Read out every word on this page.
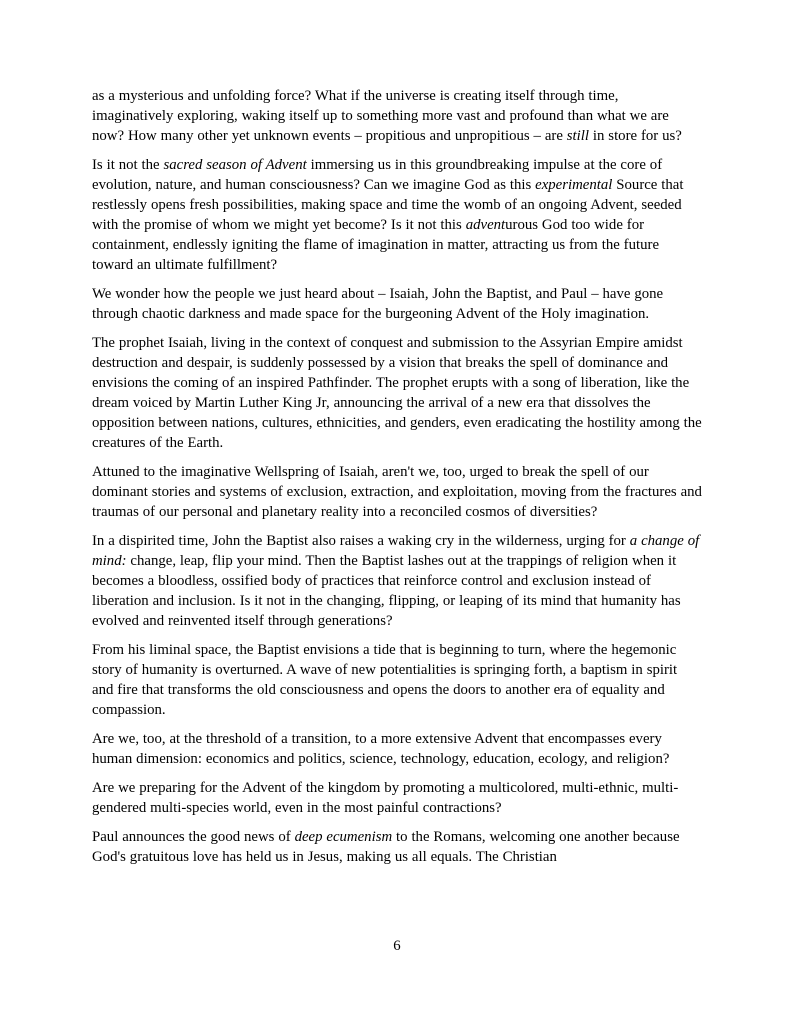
as a mysterious and unfolding force? What if the universe is creating itself through time, imaginatively exploring, waking itself up to something more vast and profound than what we are now? How many other yet unknown events – propitious and unpropitious – are still in store for us?

Is it not the sacred season of Advent immersing us in this groundbreaking impulse at the core of evolution, nature, and human consciousness? Can we imagine God as this experimental Source that restlessly opens fresh possibilities, making space and time the womb of an ongoing Advent, seeded with the promise of whom we might yet become? Is it not this adventurous God too wide for containment, endlessly igniting the flame of imagination in matter, attracting us from the future toward an ultimate fulfillment?

We wonder how the people we just heard about – Isaiah, John the Baptist, and Paul – have gone through chaotic darkness and made space for the burgeoning Advent of the Holy imagination.

The prophet Isaiah, living in the context of conquest and submission to the Assyrian Empire amidst destruction and despair, is suddenly possessed by a vision that breaks the spell of dominance and envisions the coming of an inspired Pathfinder. The prophet erupts with a song of liberation, like the dream voiced by Martin Luther King Jr, announcing the arrival of a new era that dissolves the opposition between nations, cultures, ethnicities, and genders, even eradicating the hostility among the creatures of the Earth.

Attuned to the imaginative Wellspring of Isaiah, aren't we, too, urged to break the spell of our dominant stories and systems of exclusion, extraction, and exploitation, moving from the fractures and traumas of our personal and planetary reality into a reconciled cosmos of diversities?

In a dispirited time, John the Baptist also raises a waking cry in the wilderness, urging for a change of mind: change, leap, flip your mind. Then the Baptist lashes out at the trappings of religion when it becomes a bloodless, ossified body of practices that reinforce control and exclusion instead of liberation and inclusion. Is it not in the changing, flipping, or leaping of its mind that humanity has evolved and reinvented itself through generations?

From his liminal space, the Baptist envisions a tide that is beginning to turn, where the hegemonic story of humanity is overturned. A wave of new potentialities is springing forth, a baptism in spirit and fire that transforms the old consciousness and opens the doors to another era of equality and compassion.

Are we, too, at the threshold of a transition, to a more extensive Advent that encompasses every human dimension: economics and politics, science, technology, education, ecology, and religion?

Are we preparing for the Advent of the kingdom by promoting a multicolored, multi-ethnic, multi-gendered multi-species world, even in the most painful contractions?

Paul announces the good news of deep ecumenism to the Romans, welcoming one another because God's gratuitous love has held us in Jesus, making us all equals. The Christian

6
